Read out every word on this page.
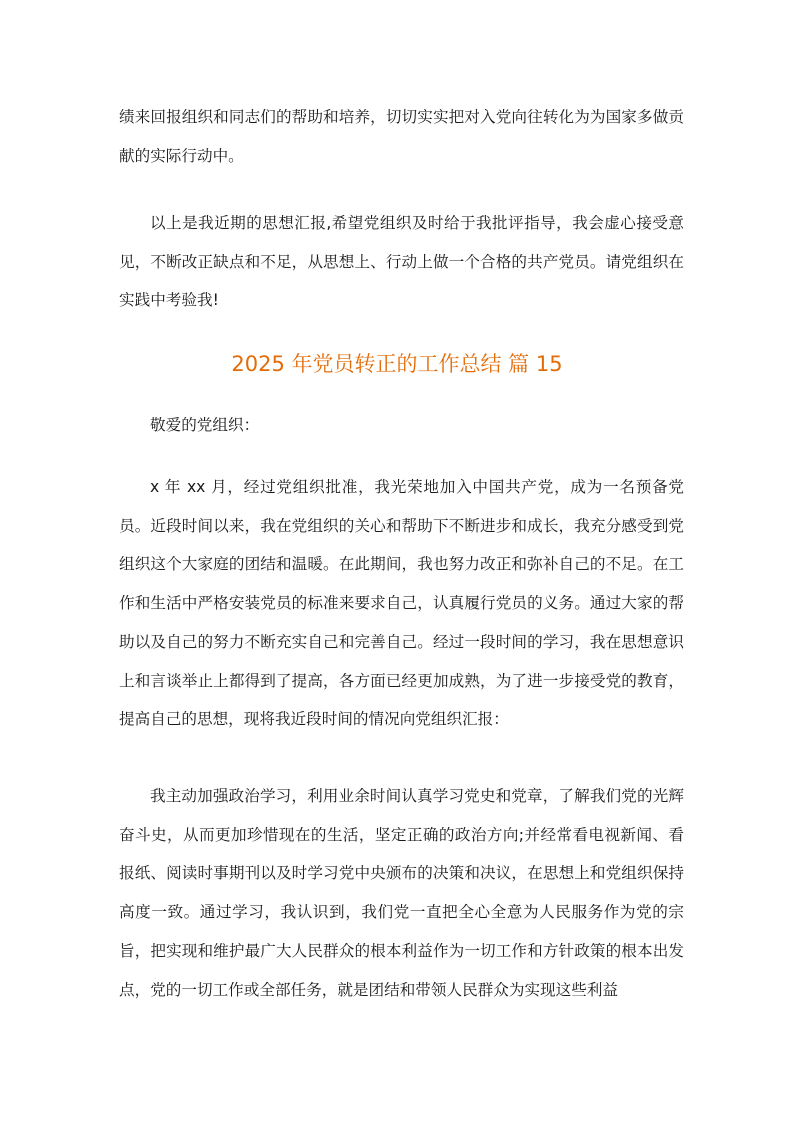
绩来回报组织和同志们的帮助和培养，切切实实把对入党向往转化为为国家多做贡献的实际行动中。

以上是我近期的思想汇报,希望党组织及时给于我批评指导，我会虚心接受意见，不断改正缺点和不足，从思想上、行动上做一个合格的共产党员。请党组织在实践中考验我!

2025 年党员转正的工作总结 篇 15

敬爱的党组织：

x 年 xx 月，经过党组织批准，我光荣地加入中国共产党，成为一名预备党员。近段时间以来，我在党组织的关心和帮助下不断进步和成长，我充分感受到党组织这个大家庭的团结和温暖。在此期间，我也努力改正和弥补自己的不足。在工作和生活中严格安装党员的标准来要求自己，认真履行党员的义务。通过大家的帮助以及自己的努力不断充实自己和完善自己。经过一段时间的学习，我在思想意识上和言谈举止上都得到了提高，各方面已经更加成熟，为了进一步接受党的教育，提高自己的思想，现将我近段时间的情况向党组织汇报：

我主动加强政治学习，利用业余时间认真学习党史和党章，了解我们党的光辉奋斗史，从而更加珍惜现在的生活，坚定正确的政治方向;并经常看电视新闻、看报纸、阅读时事期刊以及时学习党中央颁布的决策和决议，在思想上和党组织保持高度一致。通过学习，我认识到，我们党一直把全心全意为人民服务作为党的宗旨，把实现和维护最广大人民群众的根本利益作为一切工作和方针政策的根本出发点，党的一切工作或全部任务，就是团结和带领人民群众为实现这些利益
